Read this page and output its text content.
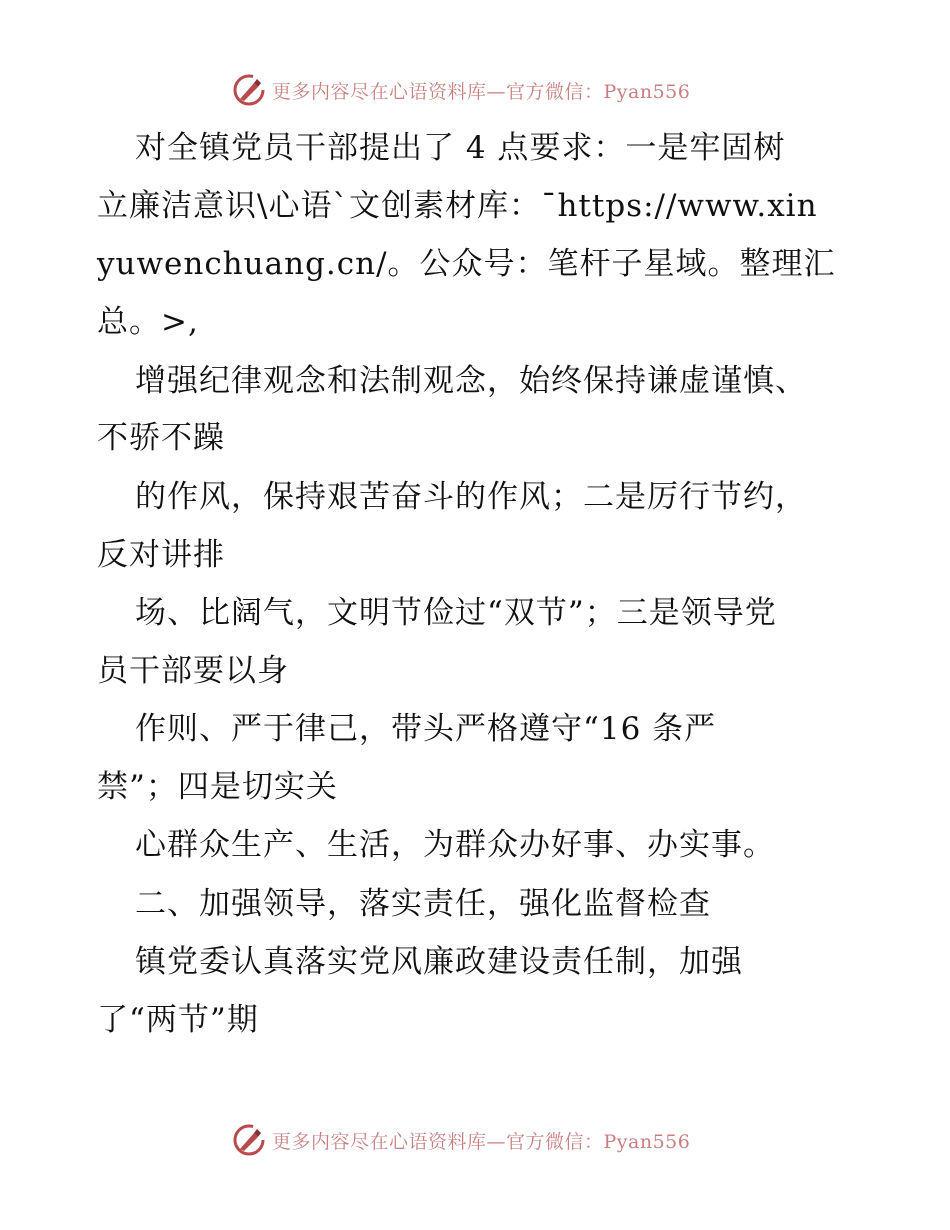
更多内容尽在心语资料库—官方微信：Pyan556
对全镇党员干部提出了 4 点要求：一是牢固树
立廉洁意识\心语`文创素材库：¯https://www.xin
yuwenchuang.cn/。公众号：笔杆子星域。整理汇
总。>,
增强纪律观念和法制观念，始终保持谦虚谨慎、
不骄不躁
的作风，保持艰苦奋斗的作风；二是厉行节约，
反对讲排
场、比阔气，文明节俭过“双节”；三是领导党
员干部要以身
作则、严于律己，带头严格遵守“16 条严
禁”；四是切实关
心群众生产、生活，为群众办好事、办实事。
二、加强领导，落实责任，强化监督检查
镇党委认真落实党风廉政建设责任制，加强
了“两节”期
更多内容尽在心语资料库—官方微信：Pyan556
